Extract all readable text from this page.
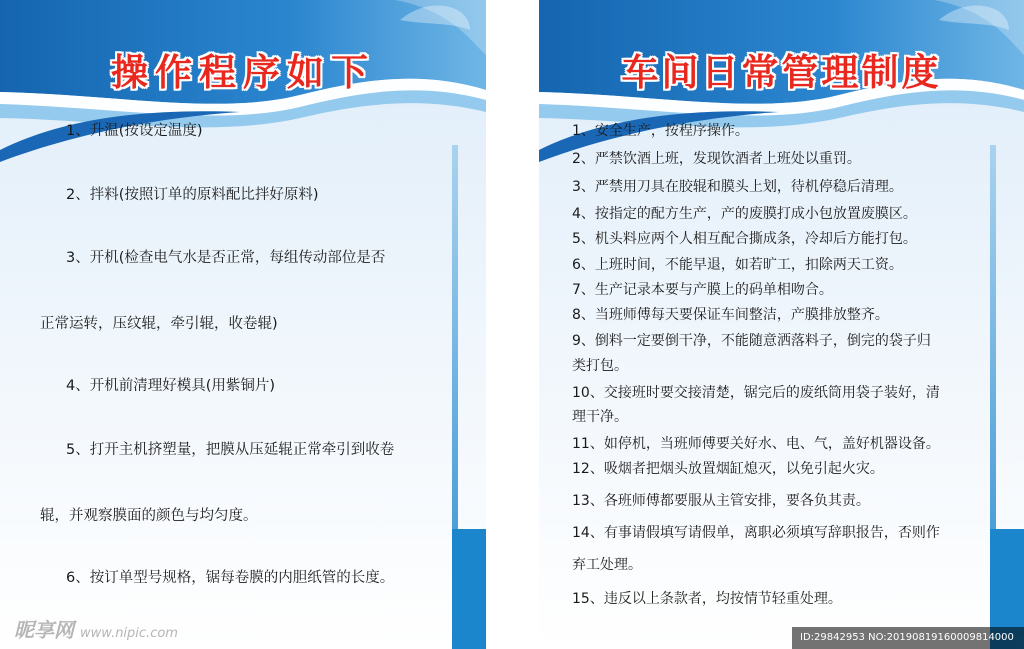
操作程序如下

1、升温(按设定温度)

2、拌料(按照订单的原料配比拌好原料)

3、开机(检查电气水是否正常，每组传动部位是否

正常运转，压纹辊，牵引辊，收卷辊)

4、开机前清理好模具(用紫铜片)

5、打开主机挤塑量，把膜从压延辊正常牵引到收卷

辊，并观察膜面的颜色与均匀度。

6、按订单型号规格，锯每卷膜的内胆纸管的长度。

昵享网 www.nipic.com
车间日常管理制度

1、安全生产，按程序操作。

2、严禁饮酒上班，发现饮酒者上班处以重罚。

3、严禁用刀具在胶辊和膜头上划，待机停稳后清理。

4、按指定的配方生产，产的废膜打成小包放置废膜区。

5、机头料应两个人相互配合撕成条，冷却后方能打包。

6、上班时间，不能早退，如若旷工，扣除两天工资。

7、生产记录本要与产膜上的码单相吻合。

8、当班师傅每天要保证车间整洁，产膜排放整齐。

9、倒料一定要倒干净，不能随意洒落料子，倒完的袋子归

类打包。

10、交接班时要交接清楚，锯完后的废纸筒用袋子装好，清

理干净。

11、如停机，当班师傅要关好水、电、气，盖好机器设备。

12、吸烟者把烟头放置烟缸熄灭，以免引起火灾。

13、各班师傅都要服从主管安排，要各负其责。

14、有事请假填写请假单，离职必须填写辞职报告，否则作

弃工处理。

15、违反以上条款者，均按情节轻重处理。

ID:29842953 NO:20190819160009814000
